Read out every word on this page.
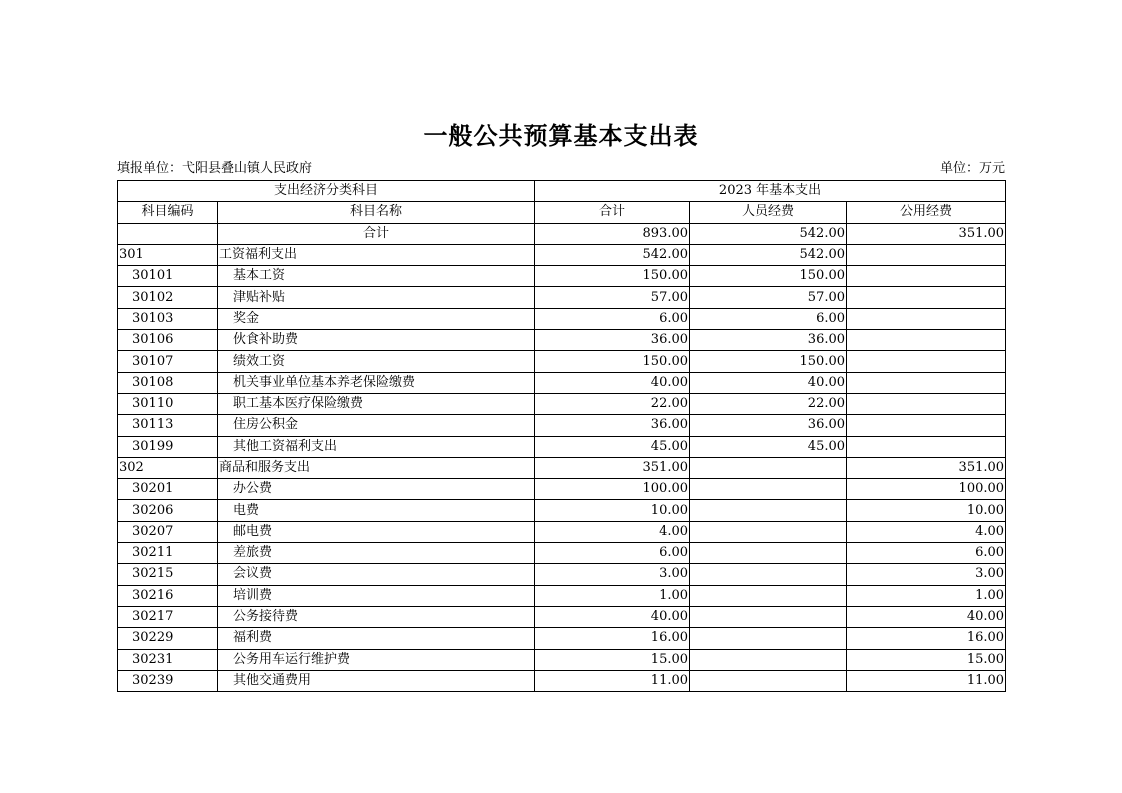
一般公共预算基本支出表
填报单位：弋阳县叠山镇人民政府	单位：万元
支出经济分类科目		2023 年基本支出		
科目编码	科目名称	合计	人员经费	公用经费
	合计	893.00	542.00	351.00
301	工资福利支出	542.00	542.00	
30101	基本工资	150.00	150.00	
30102	津贴补贴	57.00	57.00	
30103	奖金	6.00	6.00	
30106	伙食补助费	36.00	36.00	
30107	绩效工资	150.00	150.00	
30108	机关事业单位基本养老保险缴费	40.00	40.00	
30110	职工基本医疗保险缴费	22.00	22.00	
30113	住房公积金	36.00	36.00	
30199	其他工资福利支出	45.00	45.00	
302	商品和服务支出	351.00		351.00
30201	办公费	100.00		100.00
30206	电费	10.00		10.00
30207	邮电费	4.00		4.00
30211	差旅费	6.00		6.00
30215	会议费	3.00		3.00
30216	培训费	1.00		1.00
30217	公务接待费	40.00		40.00
30229	福利费	16.00		16.00
30231	公务用车运行维护费	15.00		15.00
30239	其他交通费用	11.00		11.00
